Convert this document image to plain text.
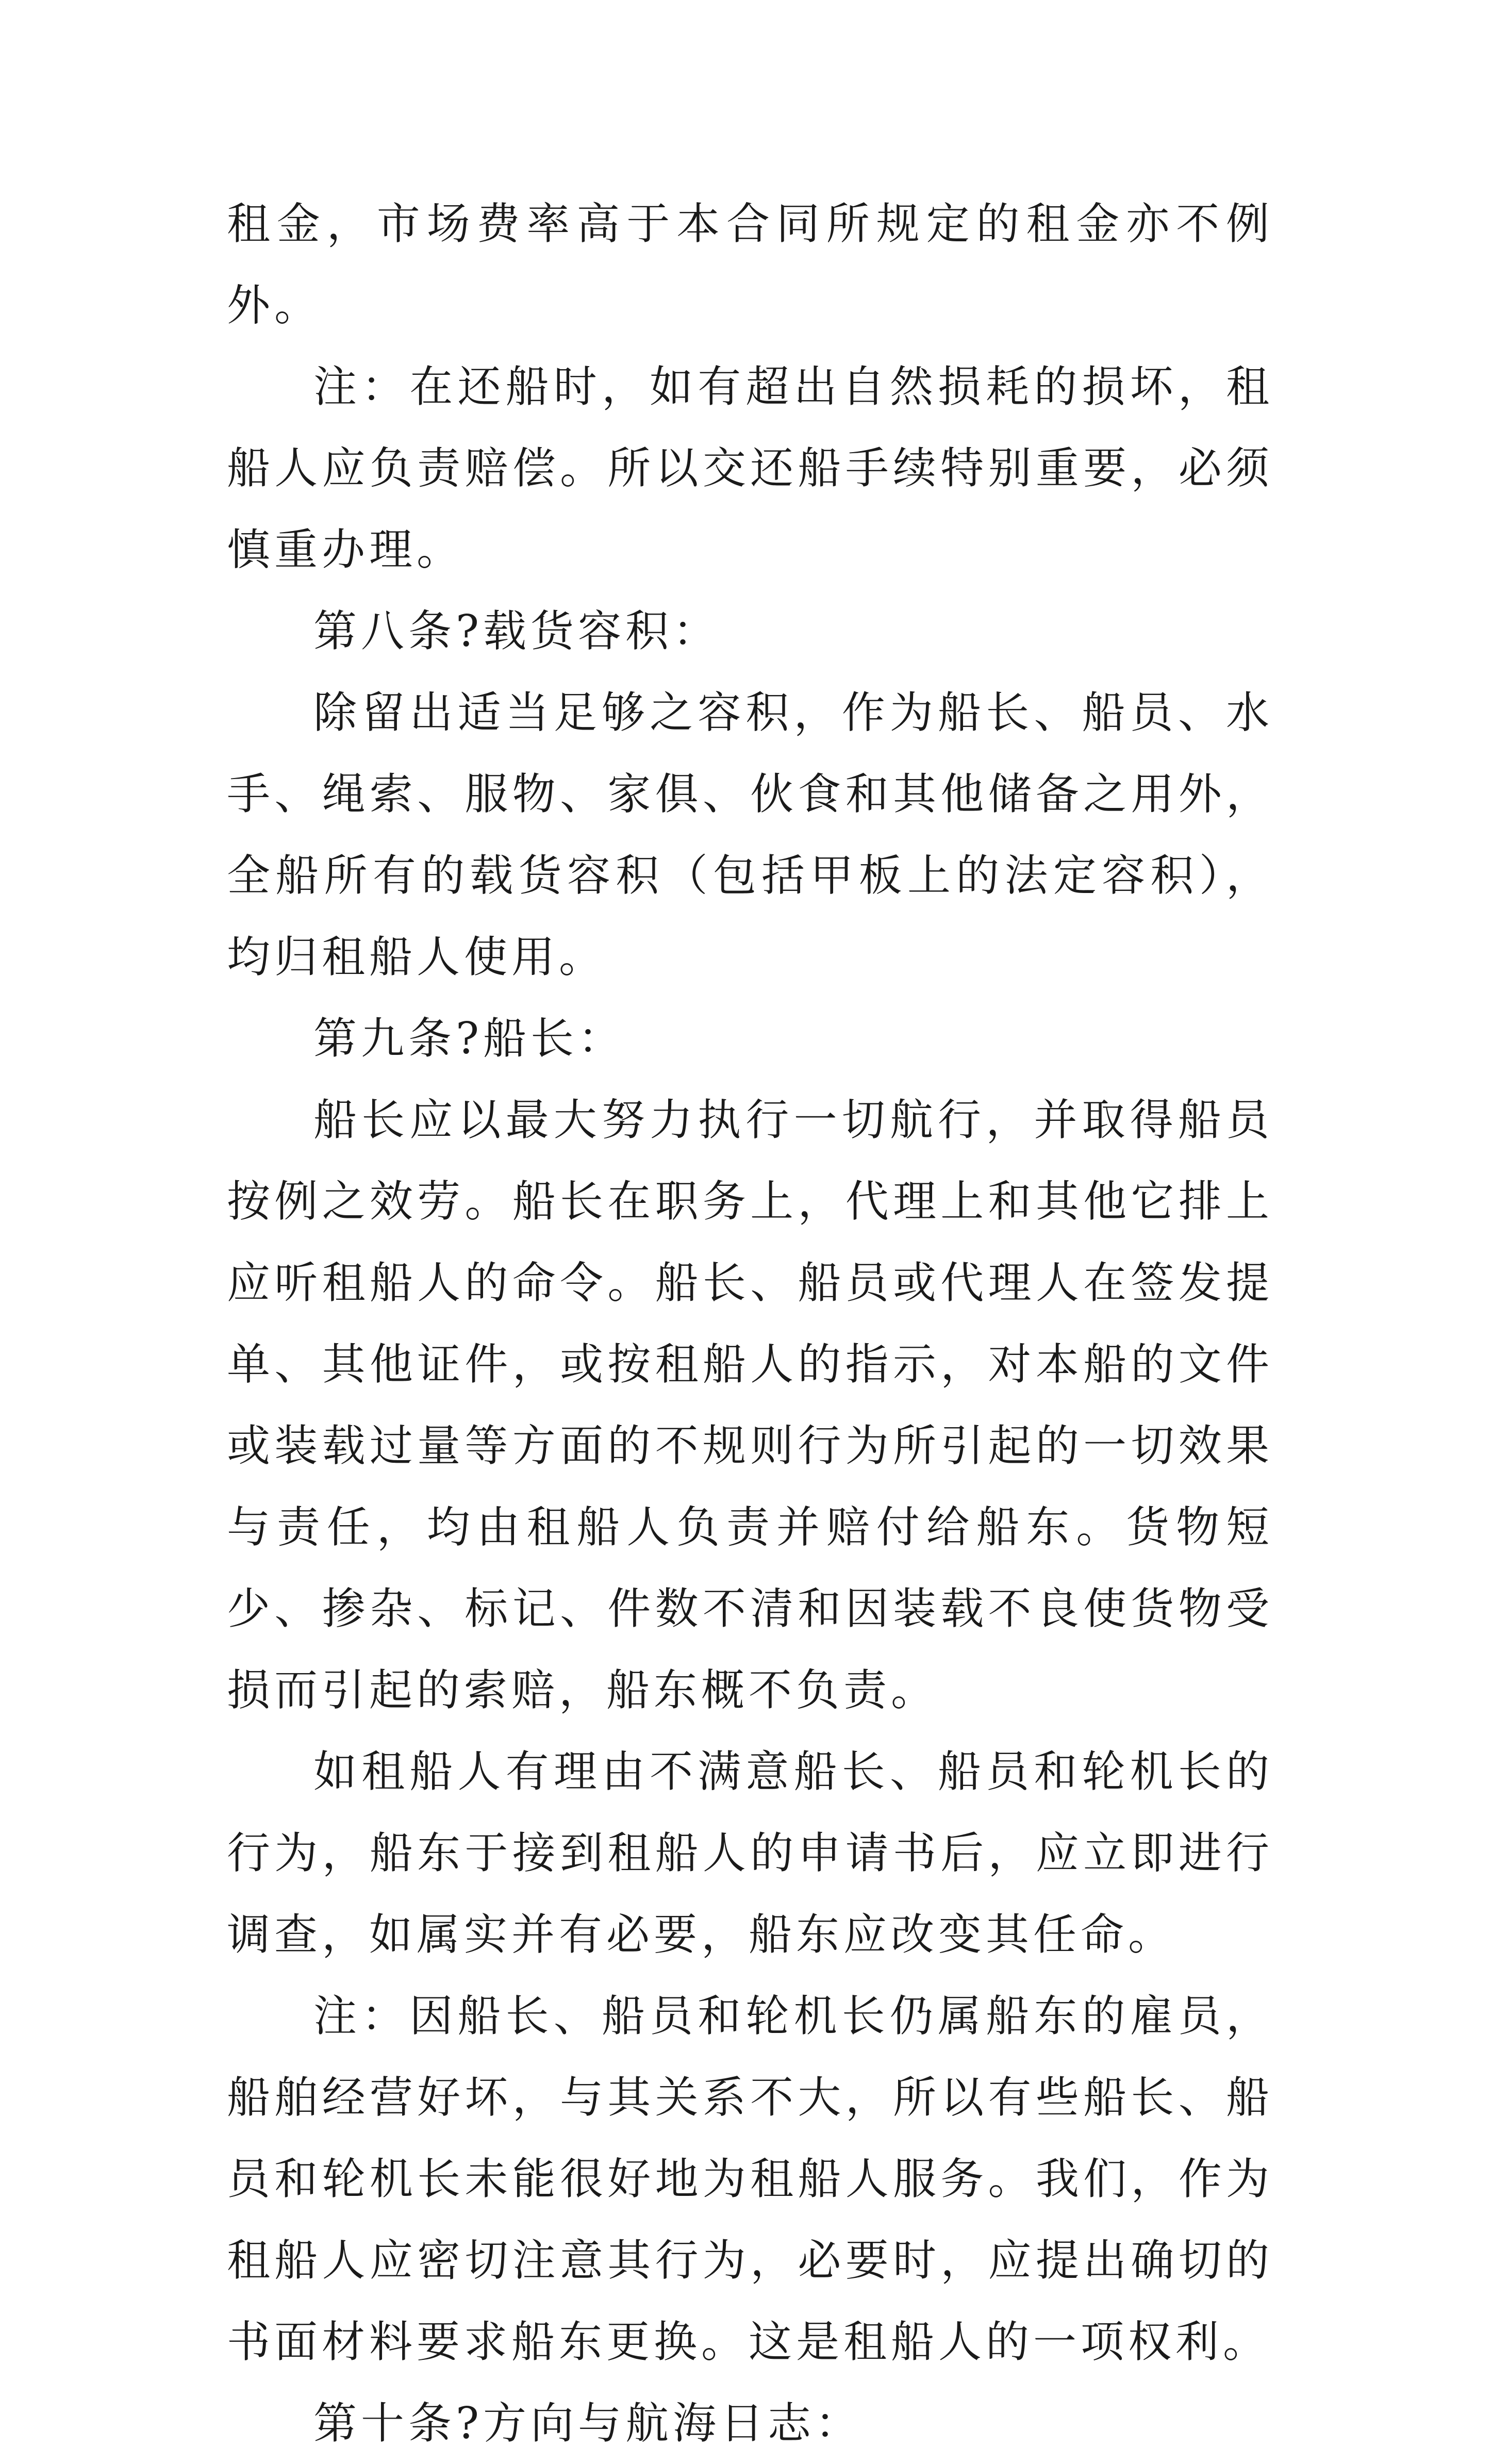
租金，市场费率高于本合同所规定的租金亦不例外。

注：在还船时，如有超出自然损耗的损坏，租船人应负责赔偿。所以交还船手续特别重要，必须慎重办理。

第八条?载货容积：

除留出适当足够之容积，作为船长、船员、水手、绳索、服物、家俱、伙食和其他储备之用外，全船所有的载货容积（包括甲板上的法定容积），均归租船人使用。

第九条?船长：

船长应以最大努力执行一切航行，并取得船员按例之效劳。船长在职务上，代理上和其他它排上应听租船人的命令。船长、船员或代理人在签发提单、其他证件，或按租船人的指示，对本船的文件或装载过量等方面的不规则行为所引起的一切效果与责任，均由租船人负责并赔付给船东。货物短少、掺杂、标记、件数不清和因装载不良使货物受损而引起的索赔，船东概不负责。

如租船人有理由不满意船长、船员和轮机长的行为，船东于接到租船人的申请书后，应立即进行调查，如属实并有必要，船东应改变其任命。

注：因船长、船员和轮机长仍属船东的雇员，船舶经营好坏，与其关系不大，所以有些船长、船员和轮机长未能很好地为租船人服务。我们，作为租船人应密切注意其行为，必要时，应提出确切的书面材料要求船东更换。这是租船人的一项权利。

第十条?方向与航海日志：
